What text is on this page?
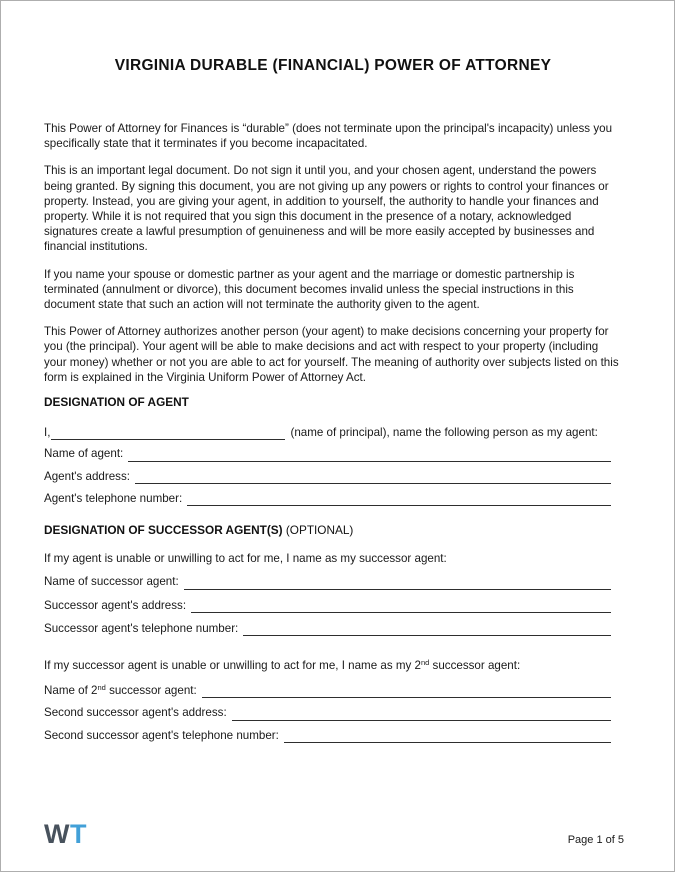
VIRGINIA DURABLE (FINANCIAL) POWER OF ATTORNEY

This Power of Attorney for Finances is “durable” (does not terminate upon the principal's incapacity) unless you specifically state that it terminates if you become incapacitated.

This is an important legal document. Do not sign it until you, and your chosen agent, understand the powers being granted. By signing this document, you are not giving up any powers or rights to control your finances or property. Instead, you are giving your agent, in addition to yourself, the authority to handle your finances and property. While it is not required that you sign this document in the presence of a notary, acknowledged signatures create a lawful presumption of genuineness and will be more easily accepted by businesses and financial institutions.

If you name your spouse or domestic partner as your agent and the marriage or domestic partnership is terminated (annulment or divorce), this document becomes invalid unless the special instructions in this document state that such an action will not terminate the authority given to the agent.

This Power of Attorney authorizes another person (your agent) to make decisions concerning your property for you (the principal). Your agent will be able to make decisions and act with respect to your property (including your money) whether or not you are able to act for yourself. The meaning of authority over subjects listed on this form is explained in the Virginia Uniform Power of Attorney Act.

DESIGNATION OF AGENT
I,	(name of principal), name the following person as my agent:
Name of agent:
Agent's address:
Agent's telephone number:
DESIGNATION OF SUCCESSOR AGENT(S) (OPTIONAL)

If my agent is unable or unwilling to act for me, I name as my successor agent:

Name of successor agent:
Successor agent's address:
Successor agent's telephone number:

If my successor agent is unable or unwilling to act for me, I name as my 2nd successor agent:

Name of 2nd successor agent:
Second successor agent's address:
Second successor agent's telephone number:
WT	Page 1 of 5
